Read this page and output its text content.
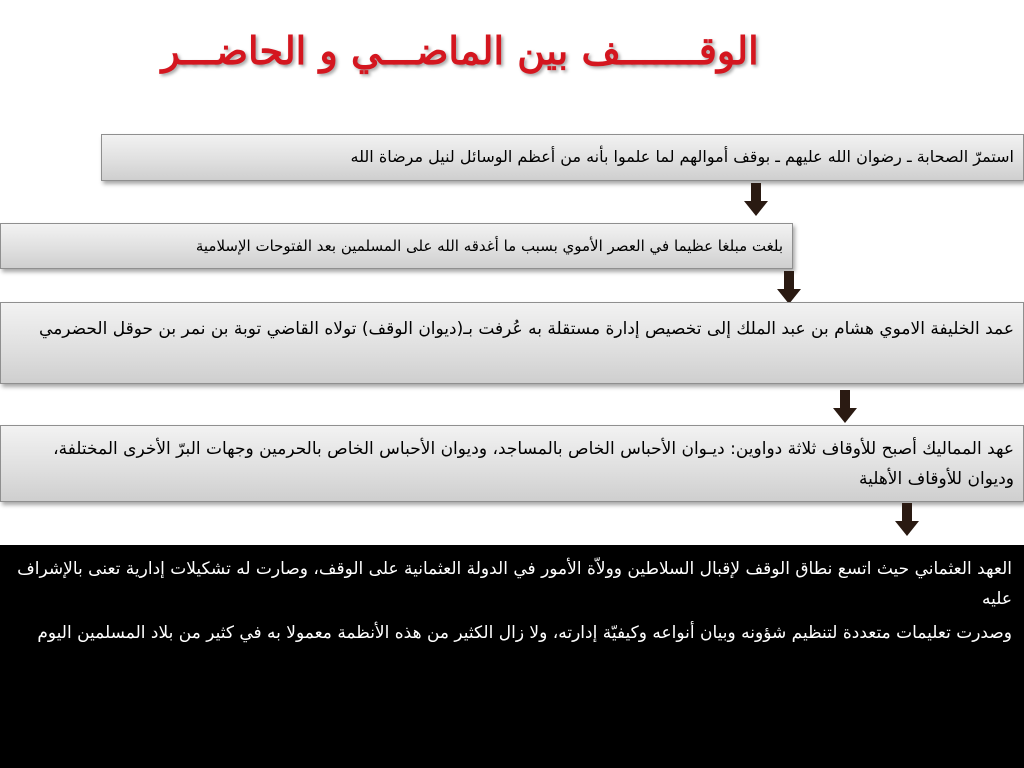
الوقـــــــف بين الماضـــي و الحاضـــر
استمرّ الصحابة ـ رضوان الله عليهم ـ بوقف أموالهم لما علموا بأنه من أعظم الوسائل لنيل مرضاة الله
بلغت مبلغا عظيما في العصر الأموي بسبب ما أغدقه الله على المسلمين بعد الفتوحات الإسلامية
عمد الخليفة الاموي هشام بن عبد الملك إلى تخصيص إدارة مستقلة به عُرفت بـ(ديوان الوقف) تولاه القاضي توبة بن نمر بن حوقل الحضرمي
عهد المماليك أصبح للأوقاف ثلاثة دواوين: ديـوان الأحباس الخاص بالمساجد، وديوان الأحباس الخاص بالحرمين وجهات البرّ الأخرى المختلفة، وديوان للأوقاف الأهلية

العهد العثماني حيث اتسع نطاق الوقف لإقبال السلاطين وولاّة الأمور في الدولة العثمانية على الوقف، وصارت له تشكيلات إدارية تعنى بالإشراف عليه

وصدرت تعليمات متعددة لتنظيم شؤونه وبيان أنواعه وكيفيّة إدارته، ولا زال الكثير من هذه الأنظمة معمولا به في كثير من بلاد المسلمين اليوم
